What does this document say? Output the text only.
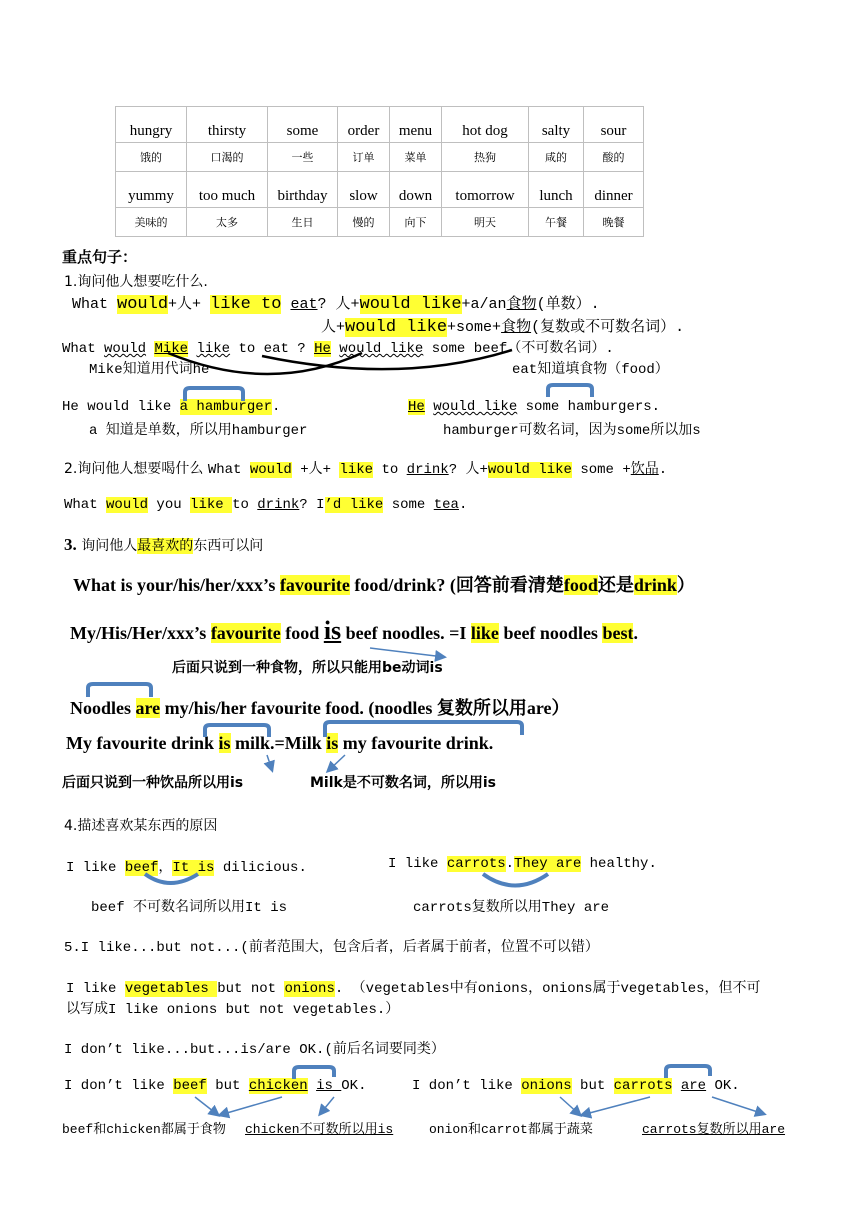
hungry	thirsty	some	order	menu	hot dog	salty	sour
饿的	口渴的	一些	订单	菜单	热狗	咸的	酸的
yummy	too much	birthday	slow	down	tomorrow	lunch	dinner
美味的	太多	生日	慢的	向下	明天	午餐	晚餐
重点句子：
1.询问他人想要吃什么.
What would+人+ like to eat? 人+would like+a/an食物(单数）.
人+would like+some+食物(复数或不可数名词）.
What would Mike like to eat ? He would like some beef（不可数名词）.
Mike知道用代词he	eat知道填食物（food）
He would like a hamburger.	He would like some hamburgers.
a 知道是单数，所以用hamburger	hamburger可数名词，因为some所以加s
2.询问他人想要喝什么 What would +人+ like to drink? 人+would like some +饮品.
What would you like to drink? I’d like some tea.
3. 询问他人最喜欢的东西可以问
What is your/his/her/xxx’s favourite food/drink? (回答前看清楚food还是drink）
My/His/Her/xxx’s favourite food is beef noodles. =I like beef noodles best.
后面只说到一种食物，所以只能用be动词is
Noodles are my/his/her favourite food. (noodles 复数所以用are）
My favourite drink is milk.=Milk is my favourite drink.
后面只说到一种饮品所以用is	Milk是不可数名词，所以用is
4.描述喜欢某东西的原因
I like beef，It is dilicious.	I like carrots.They are healthy.
beef 不可数名词所以用It is	carrots复数所以用They are
5.I like...but not...(前者范围大，包含后者，后者属于前者，位置不可以错）
I like vegetables but not onions. （vegetables中有onions，onions属于vegetables，但不可
以写成I like onions but not vegetables.）
I don’t like...but...is/are OK.(前后名词要同类）
I don’t like beef but chicken is OK.	I don’t like onions but carrots are OK.
beef和chicken都属于食物 chicken不可数所以用is	onion和carrot都属于蔬菜	carrots复数所以用are
